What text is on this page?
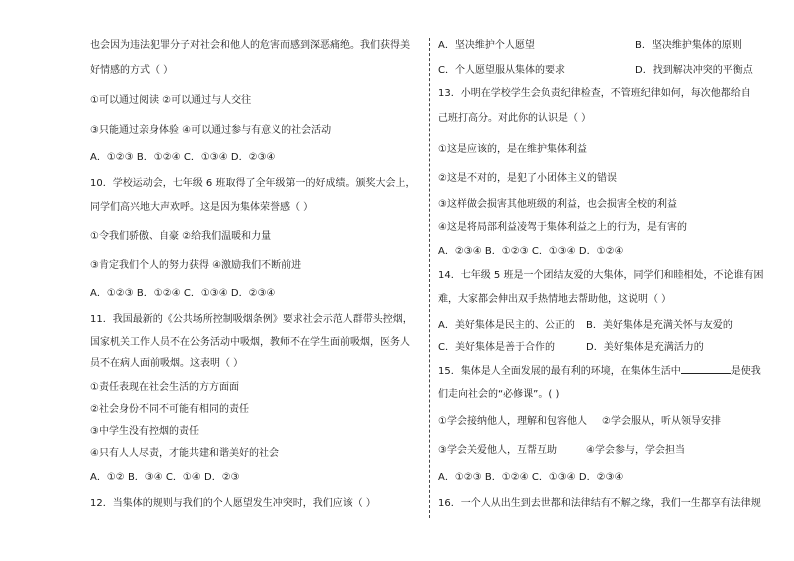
也会因为违法犯罪分子对社会和他人的危害而感到深恶痛绝。我们获得美
好情感的方式（ ）
①可以通过阅读 ②可以通过与人交往
③只能通过亲身体验 ④可以通过参与有意义的社会活动
A．①②③ B．①②④ C．①③④ D．②③④
10．学校运动会，七年级 6 班取得了全年级第一的好成绩。颁奖大会上，
同学们高兴地大声欢呼。这是因为集体荣誉感（ ）
①令我们骄傲、自豪 ②给我们温暖和力量
③肯定我们个人的努力获得 ④激励我们不断前进
A．①②③ B．①②④ C．①③④ D．②③④
11．我国最新的《公共场所控制吸烟条例》要求社会示范人群带头控烟，
国家机关工作人员不在公务活动中吸烟，教师不在学生面前吸烟，医务人
员不在病人面前吸烟。这表明（ ）
①责任表现在社会生活的方方面面
②社会身份不同不可能有相同的责任
③中学生没有控烟的责任
④只有人人尽责，才能共建和谐美好的社会
A．①② B．③④ C．①④ D．②③
12．当集体的规则与我们的个人愿望发生冲突时，我们应该（ ）
A．坚决维护个人愿望	B．坚决维护集体的原则
C．个人愿望服从集体的要求	D．找到解决冲突的平衡点
13．小明在学校学生会负责纪律检查，不管班纪律如何，每次他都给自
己班打高分。对此你的认识是（ ）
①这是应该的，是在维护集体利益
②这是不对的，是犯了小团体主义的错误
③这样做会损害其他班级的利益，也会损害全校的利益
④这是将局部利益凌驾于集体利益之上的行为，是有害的
A．②③④ B．①②③ C．①③④ D．①②④
14．七年级 5 班是一个团结友爱的大集体，同学们和睦相处，不论谁有困
难，大家都会伸出双手热情地去帮助他，这说明（ ）
A．美好集体是民主的、公正的 B．美好集体是充满关怀与友爱的
C．美好集体是善于合作的	D．美好集体是充满活力的
15．集体是人全面发展的最有利的环境，在集体生活中	是使我
们走向社会的“必修课”。( )
①学会接纳他人，理解和包容他人 ②学会服从，听从领导安排
③学会关爱他人，互帮互助	④学会参与，学会担当
A．①②③ B．①②④ C．①③④ D．②③④
16．一个人从出生到去世都和法律结有不解之缘，我们一生都享有法律规
